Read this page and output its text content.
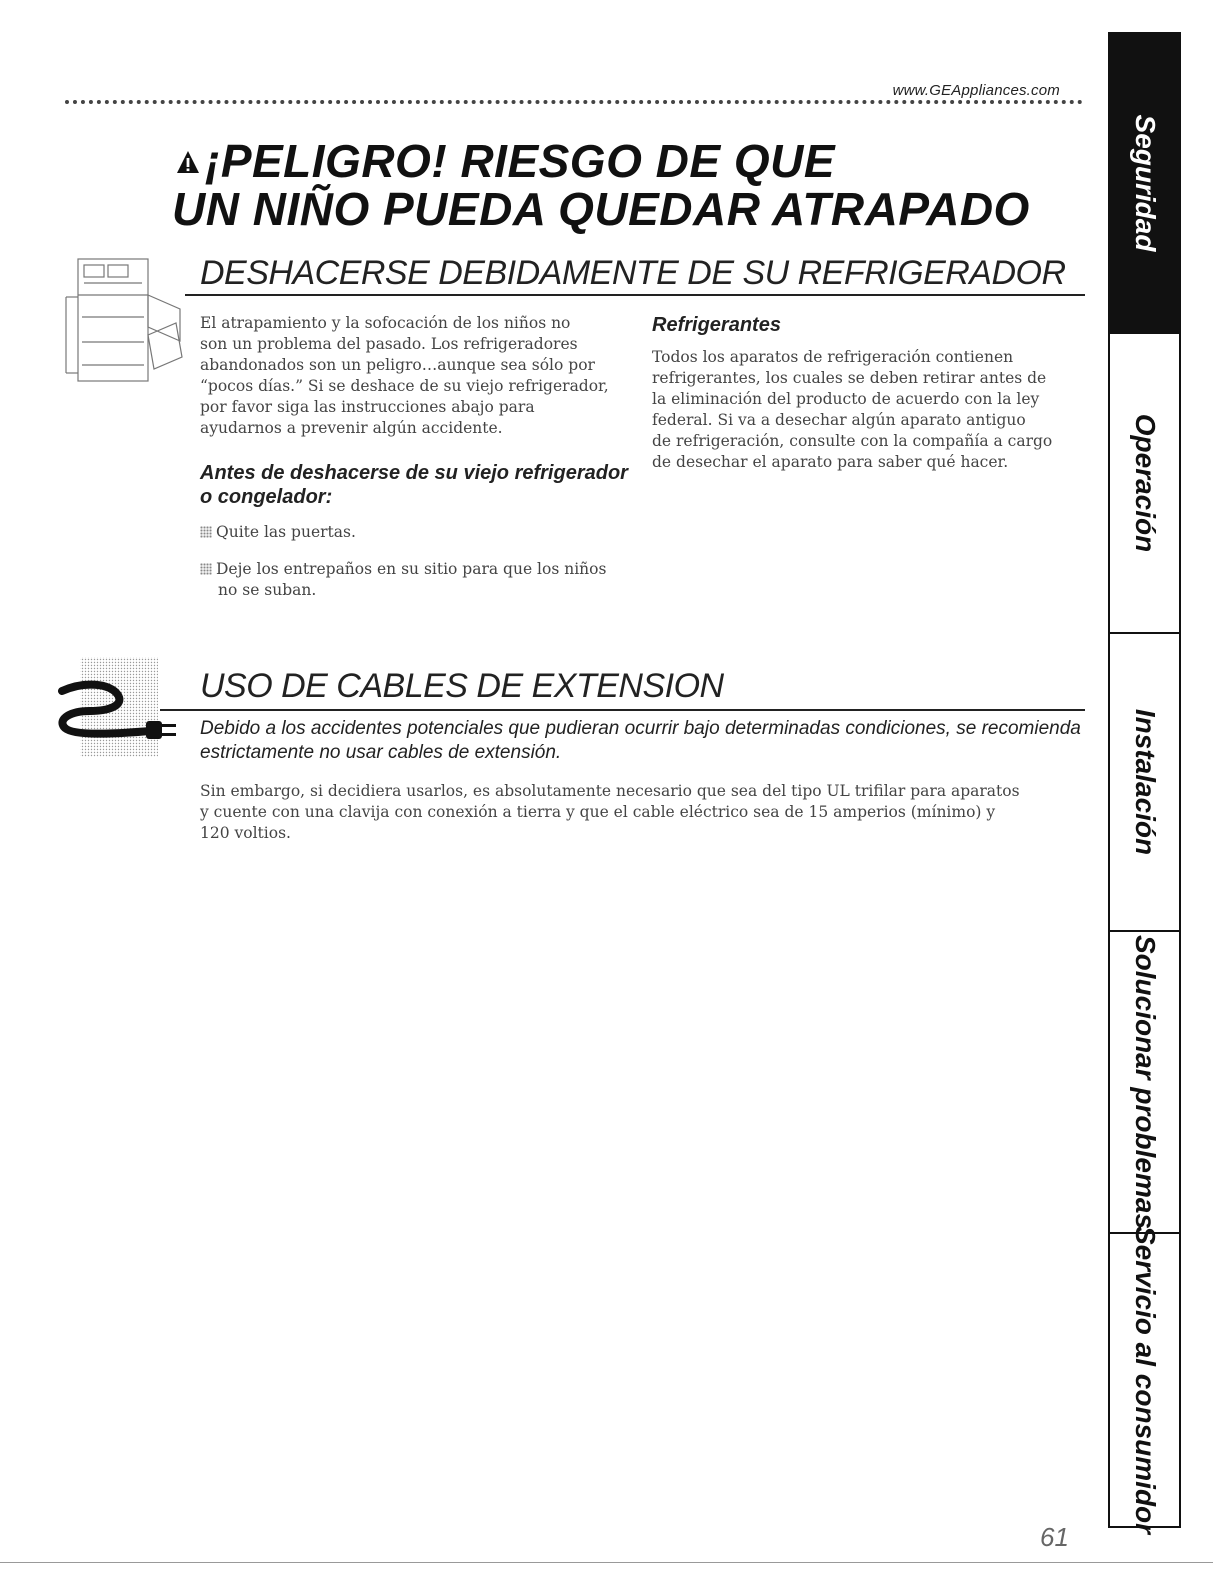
www.GEAppliances.com
¡PELIGRO! RIESGO DE QUE
UN NIÑO PUEDA QUEDAR ATRAPADO
DESHACERSE DEBIDAMENTE DE SU REFRIGERADOR
El atrapamiento y la sofocación de los niños no
son un problema del pasado. Los refrigeradores
abandonados son un peligro…aunque sea sólo por
“pocos días.” Si se deshace de su viejo refrigerador,
por favor siga las instrucciones abajo para
ayudarnos a prevenir algún accidente.
Antes de deshacerse de su viejo refrigerador
o congelador:
Quite las puertas.
Deje los entrepaños en su sitio para que los niños
no se suban.
Refrigerantes
Todos los aparatos de refrigeración contienen
refrigerantes, los cuales se deben retirar antes de
la eliminación del producto de acuerdo con la ley
federal. Si va a desechar algún aparato antiguo
de refrigeración, consulte con la compañía a cargo
de desechar el aparato para saber qué hacer.
USO DE CABLES DE EXTENSION
Debido a los accidentes potenciales que pudieran ocurrir bajo determinadas condiciones, se recomienda
estrictamente no usar cables de extensión.
Sin embargo, si decidiera usarlos, es absolutamente necesario que sea del tipo UL trifilar para aparatos
y cuente con una clavija con conexión a tierra y que el cable eléctrico sea de 15 amperios (mínimo) y
120 voltios.
61
Seguridad
Operación
Instalación
Solucionar problemas
Servicio al consumidor
